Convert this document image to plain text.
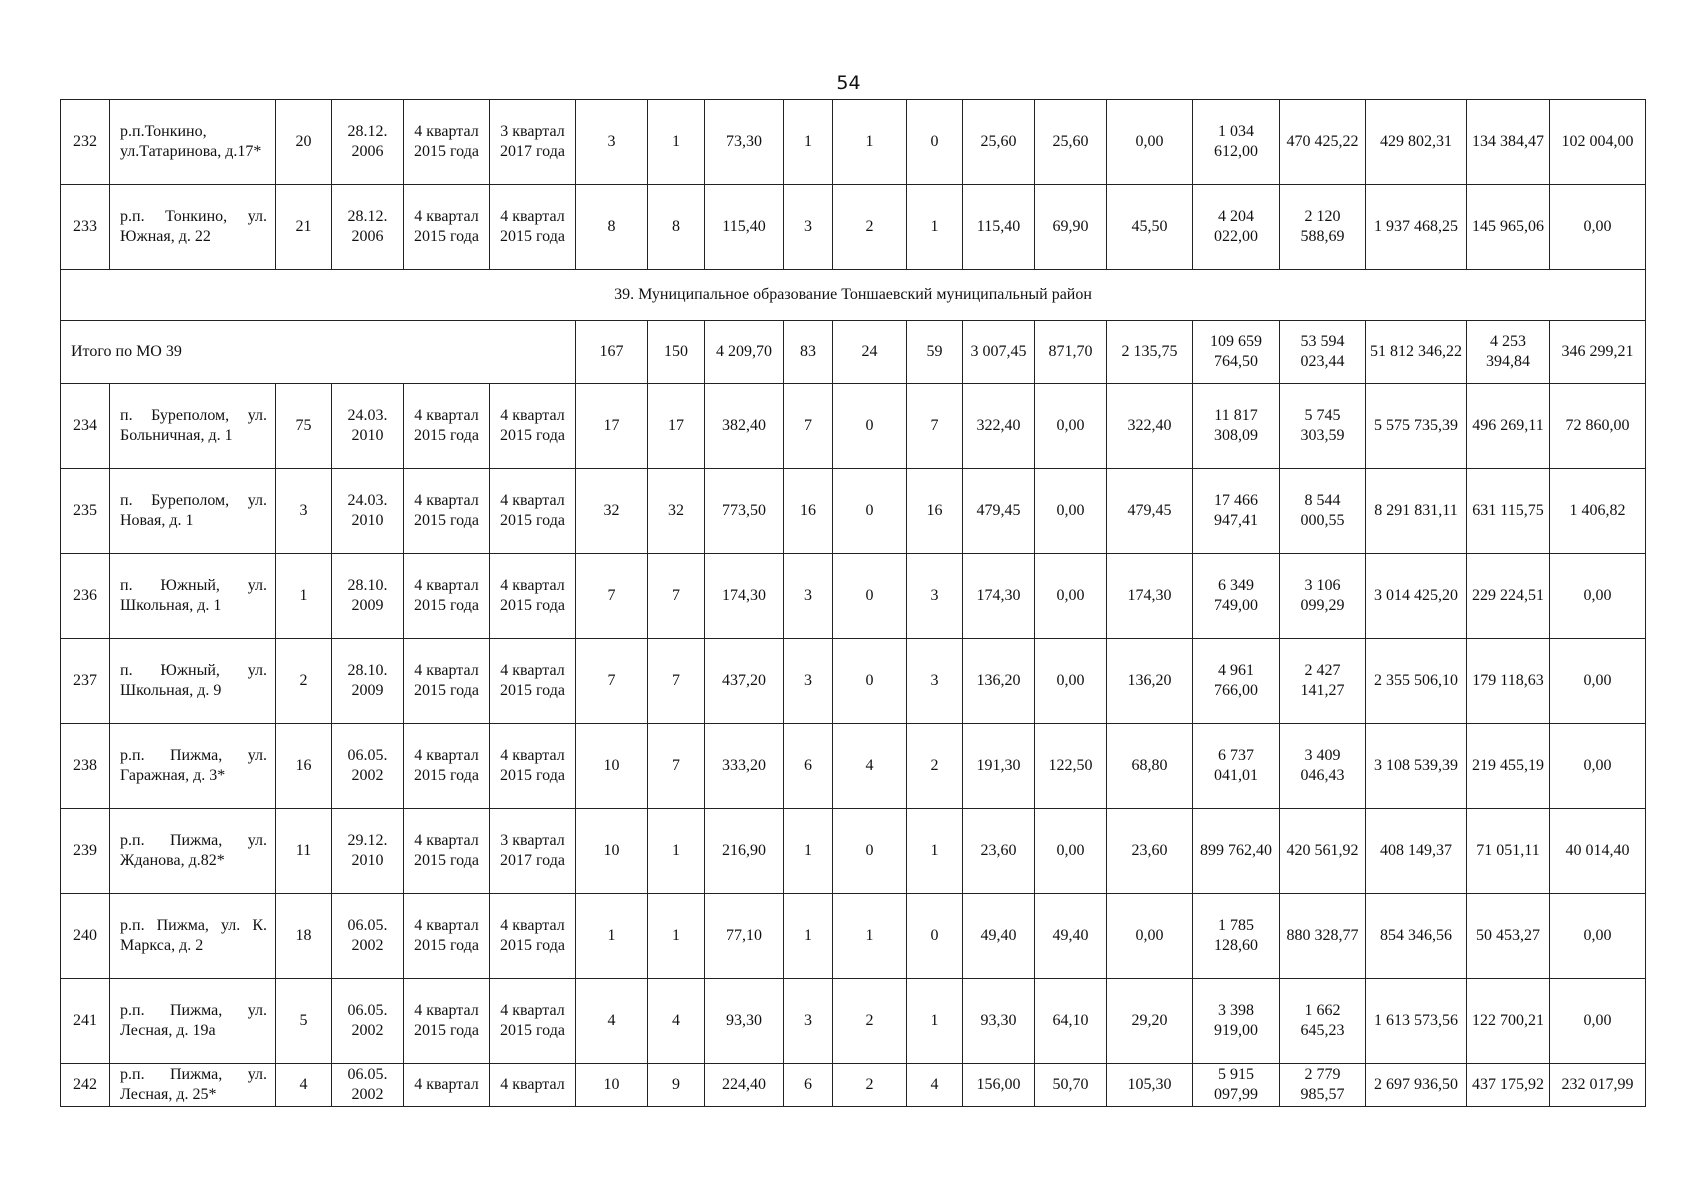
54
232	р.п.Тонкино, ул.Татаринова, д.17*	20	28.12. 2006	4 квартал 2015 года	3 квартал 2017 года	3	1	73,30	1	1	0	25,60	25,60	0,00	1 034 612,00	470 425,22	429 802,31	134 384,47	102 004,00
233	р.п. Тонкино, ул. Южная, д. 22	21	28.12. 2006	4 квартал 2015 года	4 квартал 2015 года	8	8	115,40	3	2	1	115,40	69,90	45,50	4 204 022,00	2 120 588,69	1 937 468,25	145 965,06	0,00
39. Муниципальное образование Тоншаевский муниципальный район																			
Итого по МО 39						167	150	4 209,70	83	24	59	3 007,45	871,70	2 135,75	109 659 764,50	53 594 023,44	51 812 346,22	4 253 394,84	346 299,21
234	п. Буреполом, ул. Больничная, д. 1	75	24.03. 2010	4 квартал 2015 года	4 квартал 2015 года	17	17	382,40	7	0	7	322,40	0,00	322,40	11 817 308,09	5 745 303,59	5 575 735,39	496 269,11	72 860,00
235	п. Буреполом, ул. Новая, д. 1	3	24.03. 2010	4 квартал 2015 года	4 квартал 2015 года	32	32	773,50	16	0	16	479,45	0,00	479,45	17 466 947,41	8 544 000,55	8 291 831,11	631 115,75	1 406,82
236	п. Южный, ул. Школьная, д. 1	1	28.10. 2009	4 квартал 2015 года	4 квартал 2015 года	7	7	174,30	3	0	3	174,30	0,00	174,30	6 349 749,00	3 106 099,29	3 014 425,20	229 224,51	0,00
237	п. Южный, ул. Школьная, д. 9	2	28.10. 2009	4 квартал 2015 года	4 квартал 2015 года	7	7	437,20	3	0	3	136,20	0,00	136,20	4 961 766,00	2 427 141,27	2 355 506,10	179 118,63	0,00
238	р.п. Пижма, ул. Гаражная, д. 3*	16	06.05. 2002	4 квартал 2015 года	4 квартал 2015 года	10	7	333,20	6	4	2	191,30	122,50	68,80	6 737 041,01	3 409 046,43	3 108 539,39	219 455,19	0,00
239	р.п. Пижма, ул. Жданова, д.82*	11	29.12. 2010	4 квартал 2015 года	3 квартал 2017 года	10	1	216,90	1	0	1	23,60	0,00	23,60	899 762,40	420 561,92	408 149,37	71 051,11	40 014,40
240	р.п. Пижма, ул. К. Маркса, д. 2	18	06.05. 2002	4 квартал 2015 года	4 квартал 2015 года	1	1	77,10	1	1	0	49,40	49,40	0,00	1 785 128,60	880 328,77	854 346,56	50 453,27	0,00
241	р.п. Пижма, ул. Лесная, д. 19а	5	06.05. 2002	4 квартал 2015 года	4 квартал 2015 года	4	4	93,30	3	2	1	93,30	64,10	29,20	3 398 919,00	1 662 645,23	1 613 573,56	122 700,21	0,00
242	р.п. Пижма, ул. Лесная, д. 25*	4	06.05. 2002	4 квартал	4 квартал	10	9	224,40	6	2	4	156,00	50,70	105,30	5 915 097,99	2 779 985,57	2 697 936,50	437 175,92	232 017,99
